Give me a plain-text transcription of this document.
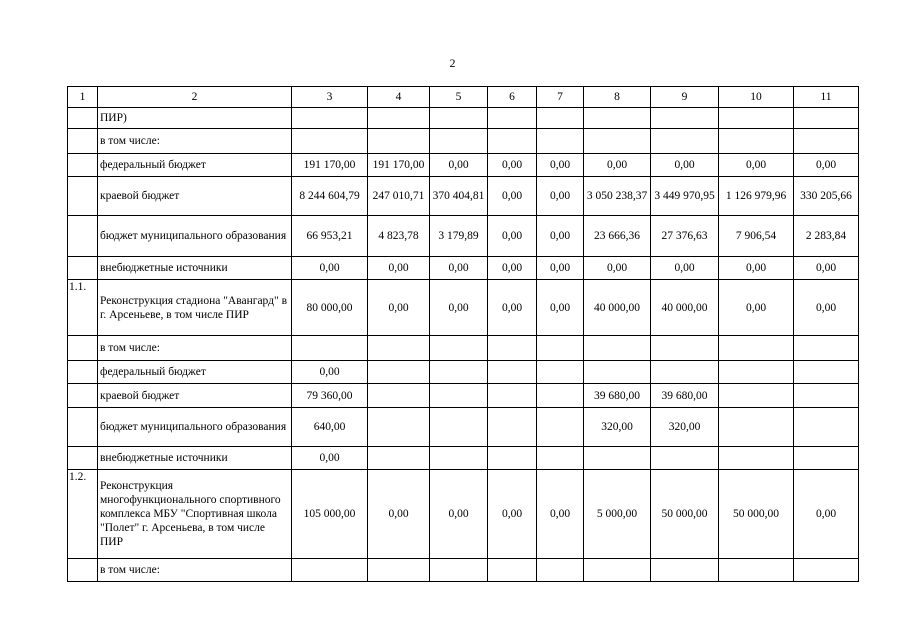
2
1	2	3	4	5	6	7	8	9	10	11
	ПИР)									
	в том числе:									
	федеральный бюджет	191 170,00	191 170,00	0,00	0,00	0,00	0,00	0,00	0,00	0,00
	краевой бюджет	8 244 604,79	247 010,71	370 404,81	0,00	0,00	3 050 238,37	3 449 970,95	1 126 979,96	330 205,66
	бюджет муниципального образования	66 953,21	4 823,78	3 179,89	0,00	0,00	23 666,36	27 376,63	7 906,54	2 283,84
	внебюджетные источники	0,00	0,00	0,00	0,00	0,00	0,00	0,00	0,00	0,00
1.1.	Реконструкция стадиона "Авангард" в г. Арсеньеве, в том числе ПИР	80 000,00	0,00	0,00	0,00	0,00	40 000,00	40 000,00	0,00	0,00
	в том числе:									
	федеральный бюджет	0,00								
	краевой бюджет	79 360,00					39 680,00	39 680,00		
	бюджет муниципального образования	640,00					320,00	320,00		
	внебюджетные источники	0,00								
1.2.	Реконструкция многофункционального спортивного комплекса МБУ "Спортивная школа "Полет" г. Арсеньева, в том числе ПИР	105 000,00	0,00	0,00	0,00	0,00	5 000,00	50 000,00	50 000,00	0,00
	в том числе:									
